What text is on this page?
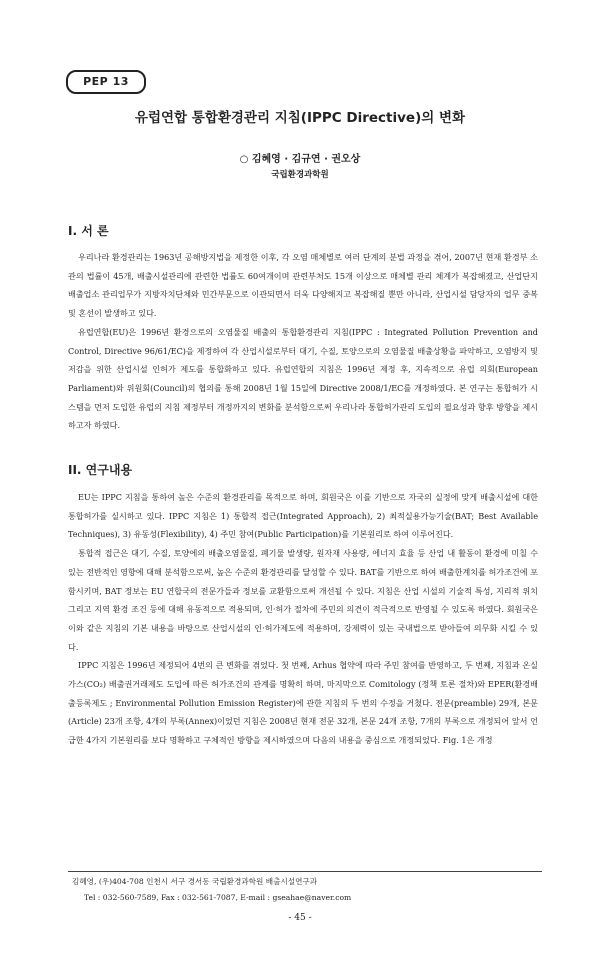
PEP 13
유럽연합 통합환경관리 지침(IPPC Directive)의 변화
○ 김혜영 · 김규연 · 권오상
국립환경과학원
I. 서 론

우리나라 환경관리는 1963년 공해방지법을 제정한 이후, 각 오염 매체별로 여러 단계의 분법 과정을 겪어, 2007년 현재 환경부 소관의 법률이 45개, 배출시설관리에 관련한 법률도 60여개이며 관련부처도 15개 이상으로 매체별 관리 체계가 복잡해졌고, 산업단지 배출업소 관리업무가 지방자치단체와 민간부문으로 이관되면서 더욱 다양해지고 복잡해질 뿐만 아니라, 산업시설 담당자의 업무 중복 및 혼선이 발생하고 있다.

유럽연합(EU)은 1996년 환경으로의 오염물질 배출의 통합환경관리 지침(IPPC : Integrated Pollution Prevention and Control, Directive 96/61/EC)을 제정하여 각 산업시설로부터 대기, 수질, 토양으로의 오염물질 배출상황을 파악하고, 오염방지 및 저감을 위한 산업시설 인허가 제도를 통합화하고 있다. 유럽연합의 지침은 1996년 제정 후, 지속적으로 유럽 의회(European Parliament)와 위원회(Council)의 협의를 통해 2008년 1월 15일에 Directive 2008/1/EC를 개정하였다. 본 연구는 통합허가 시스템을 먼저 도입한 유럽의 지침 제정부터 개정까지의 변화를 분석함으로써 우리나라 통합허가관리 도입의 필요성과 향후 방향을 제시하고자 하였다.

II. 연구내용

EU는 IPPC 지침을 통하여 높은 수준의 환경관리를 목적으로 하며, 회원국은 이를 기반으로 자국의 실정에 맞게 배출시설에 대한 통합허가를 실시하고 있다. IPPC 지침은 1) 통합적 접근(Integrated Approach), 2) 최적실용가능기술(BAT; Best Available Techniques), 3) 유동성(Flexibility), 4) 주민 참여(Public Participation)를 기본원리로 하여 이루어진다.

통합적 접근은 대기, 수질, 토양에의 배출오염물질, 폐기물 발생량, 원자재 사용량, 에너지 효율 등 산업 내 활동이 환경에 미칠 수 있는 전반적인 영향에 대해 분석함으로써, 높은 수준의 환경관리를 달성할 수 있다. BAT를 기반으로 하여 배출한계치를 허가조건에 포함시키며, BAT 정보는 EU 연합국의 전문가들과 정보를 교환함으로써 개선될 수 있다. 지침은 산업 시설의 기술적 특성, 지리적 위치 그리고 지역 환경 조건 등에 대해 유동적으로 적용되며, 인·허가 절차에 주민의 의견이 적극적으로 반영될 수 있도록 하였다. 회원국은 이와 같은 지침의 기본 내용을 바탕으로 산업시설의 인·허가제도에 적용하며, 강제력이 있는 국내법으로 받아들여 의무화 시킬 수 있다.

IPPC 지침은 1996년 제정되어 4번의 큰 변화를 겪었다. 첫 번째, Arhus 협약에 따라 주민 참여를 반영하고, 두 번째, 지침과 온실가스(CO₂) 배출권거래제도 도입에 따른 허가조건의 관계를 명확히 하며, 마지막으로 Comitology (정책 토론 절차)와 EPER(환경배출등록제도 ; Environmental Pollution Emission Register)에 관한 지침의 두 번의 수정을 거쳤다. 전문(preamble) 29개, 본문(Article) 23개 조항, 4개의 부록(Annex)이었던 지침은 2008년 현재 전문 32개, 본문 24개 조항, 7개의 부록으로 개정되어 앞서 언급한 4가지 기본원리를 보다 명확하고 구체적인 방향을 제시하였으며 다음의 내용을 중심으로 개정되었다. Fig. 1은 개정

김혜영, (우)404-708 인천시 서구 경서동 국립환경과학원 배출시설연구과
Tel : 032-560-7589, Fax : 032-561-7087, E-mail : gseahae@naver.com
- 45 -
